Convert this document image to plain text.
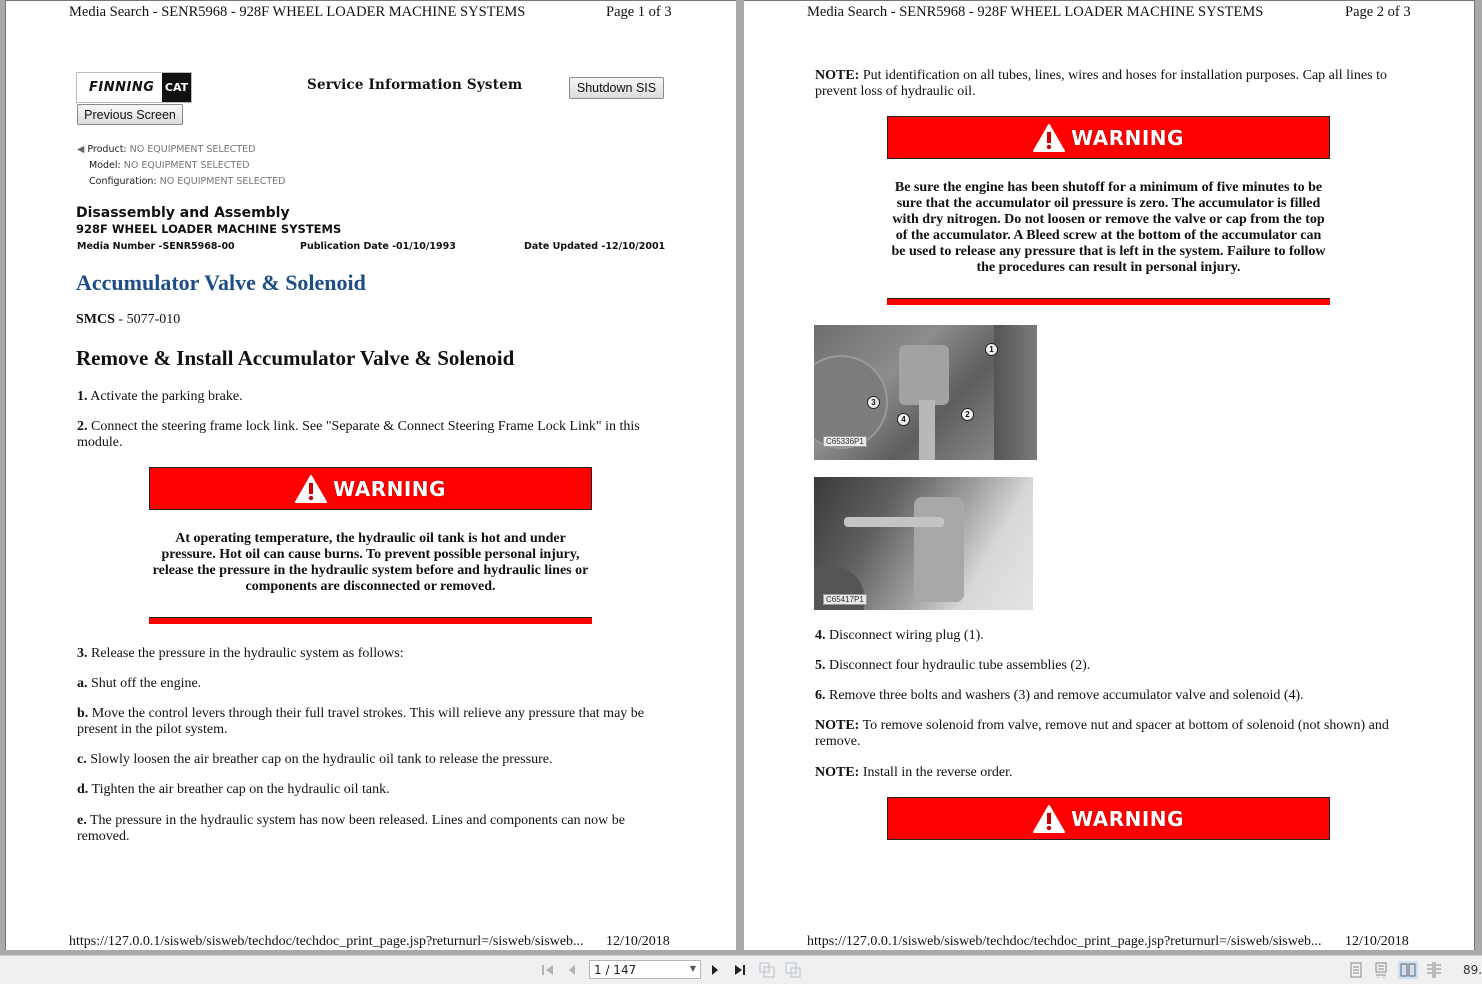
Media Search - SENR5968 - 928F WHEEL LOADER MACHINE SYSTEMS	Page 1 of 3
FINNING CAT	Service Information System	Shutdown SIS
Previous Screen
◀ Product: NO EQUIPMENT SELECTED
Model: NO EQUIPMENT SELECTED
Configuration: NO EQUIPMENT SELECTED
Disassembly and Assembly
928F WHEEL LOADER MACHINE SYSTEMS
Media Number -SENR5968-00	Publication Date -01/10/1993	Date Updated -12/10/2001
Accumulator Valve & Solenoid
SMCS - 5077-010
Remove & Install Accumulator Valve & Solenoid
1. Activate the parking brake.
2. Connect the steering frame lock link. See "Separate & Connect Steering Frame Lock Link" in this module.
WARNING
At operating temperature, the hydraulic oil tank is hot and under pressure. Hot oil can cause burns. To prevent possible personal injury, release the pressure in the hydraulic system before and hydraulic lines or components are disconnected or removed.
3. Release the pressure in the hydraulic system as follows:
a. Shut off the engine.
b. Move the control levers through their full travel strokes. This will relieve any pressure that may be present in the pilot system.
c. Slowly loosen the air breather cap on the hydraulic oil tank to release the pressure.
d. Tighten the air breather cap on the hydraulic oil tank.
e. The pressure in the hydraulic system has now been released. Lines and components can now be removed.
https://127.0.0.1/sisweb/sisweb/techdoc/techdoc_print_page.jsp?returnurl=/sisweb/sisweb...	12/10/2018
Media Search - SENR5968 - 928F WHEEL LOADER MACHINE SYSTEMS	Page 2 of 3
NOTE: Put identification on all tubes, lines, wires and hoses for installation purposes. Cap all lines to prevent loss of hydraulic oil.
WARNING
Be sure the engine has been shutoff for a minimum of five minutes to be sure that the accumulator oil pressure is zero. The accumulator is filled with dry nitrogen. Do not loosen or remove the valve or cap from the top of the accumulator. A Bleed screw at the bottom of the accumulator can be used to release any pressure that is left in the system. Failure to follow the procedures can result in personal injury.
1
2
3
4
C65336P1
C65417P1
4. Disconnect wiring plug (1).
5. Disconnect four hydraulic tube assemblies (2).
6. Remove three bolts and washers (3) and remove accumulator valve and solenoid (4).
NOTE: To remove solenoid from valve, remove nut and spacer at bottom of solenoid (not shown) and remove.
NOTE: Install in the reverse order.
WARNING
https://127.0.0.1/sisweb/sisweb/techdoc/techdoc_print_page.jsp?returnurl=/sisweb/sisweb...	12/10/2018
1 / 147	▼	89.
